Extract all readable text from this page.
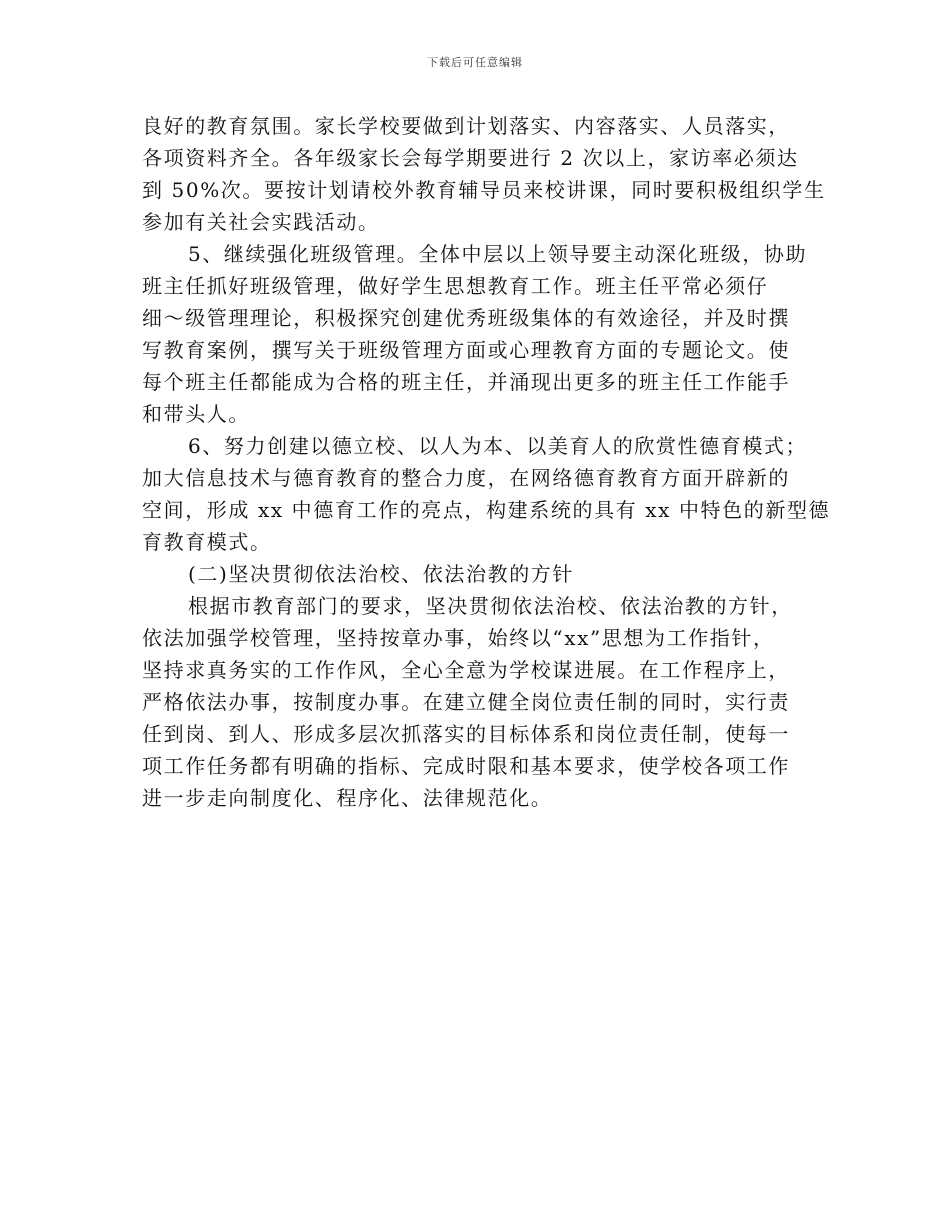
下载后可任意编辑
良好的教育氛围。家长学校要做到计划落实、内容落实、人员落实，
各项资料齐全。各年级家长会每学期要进行 2 次以上，家访率必须达
到 50%次。要按计划请校外教育辅导员来校讲课，同时要积极组织学生
参加有关社会实践活动。
5、继续强化班级管理。全体中层以上领导要主动深化班级，协助
班主任抓好班级管理，做好学生思想教育工作。班主任平常必须仔
细～级管理理论，积极探究创建优秀班级集体的有效途径，并及时撰
写教育案例，撰写关于班级管理方面或心理教育方面的专题论文。使
每个班主任都能成为合格的班主任，并涌现出更多的班主任工作能手
和带头人。
6、努力创建以德立校、以人为本、以美育人的欣赏性德育模式；
加大信息技术与德育教育的整合力度，在网络德育教育方面开辟新的
空间，形成 xx 中德育工作的亮点，构建系统的具有 xx 中特色的新型德
育教育模式。
(二)坚决贯彻依法治校、依法治教的方针
根据市教育部门的要求，坚决贯彻依法治校、依法治教的方针，
依法加强学校管理，坚持按章办事，始终以“xx”思想为工作指针，
坚持求真务实的工作作风，全心全意为学校谋进展。在工作程序上，
严格依法办事，按制度办事。在建立健全岗位责任制的同时，实行责
任到岗、到人、形成多层次抓落实的目标体系和岗位责任制，使每一
项工作任务都有明确的指标、完成时限和基本要求，使学校各项工作
进一步走向制度化、程序化、法律规范化。
